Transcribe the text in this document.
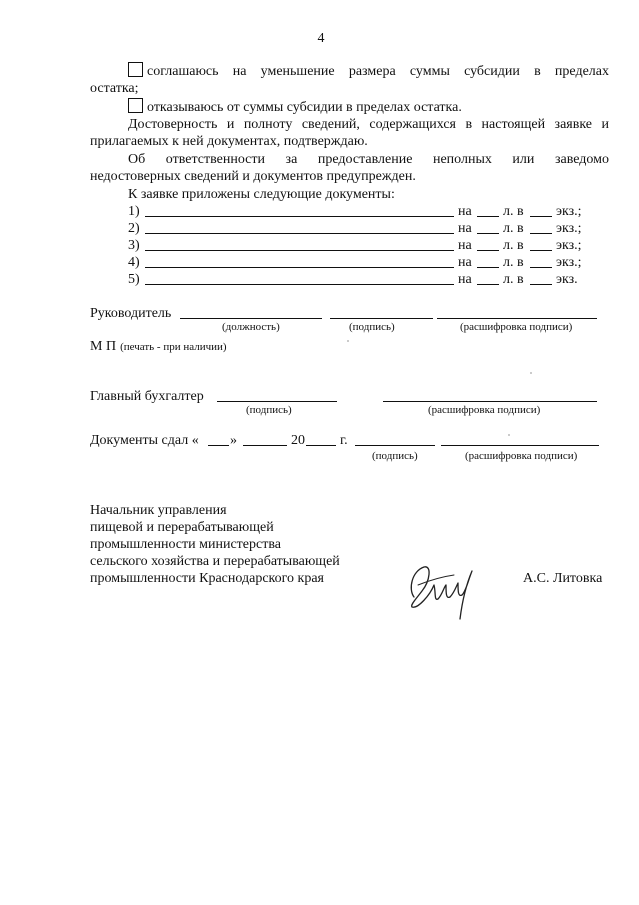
4
соглашаюсь на уменьшение размера суммы субсидии в пределах
остатка;
отказываюсь от суммы субсидии в пределах остатка.
Достоверность и полноту сведений, содержащихся в настоящей заявке и
прилагаемых к ней документах, подтверждаю.
Об ответственности за предоставление неполных или заведомо
недостоверных сведений и документов предупрежден.
К заявке приложены следующие документы:
1)	на л. в экз.;
2)	на л. в экз.;
3)	на л. в экз.;
4)	на л. в экз.;
5)	на л. в экз.
Руководитель
(должность)	(подпись)	(расшифровка подписи)
М П (печать - при наличии)
Главный бухгалтер
(подпись)	(расшифровка подписи)
Документы сдал « »	20	г.
(подпись)	(расшифровка подписи)
Начальник управления
пищевой и перерабатывающей
промышленности министерства
сельского хозяйства и перерабатывающей
промышленности Краснодарского края	А.С. Литовка
